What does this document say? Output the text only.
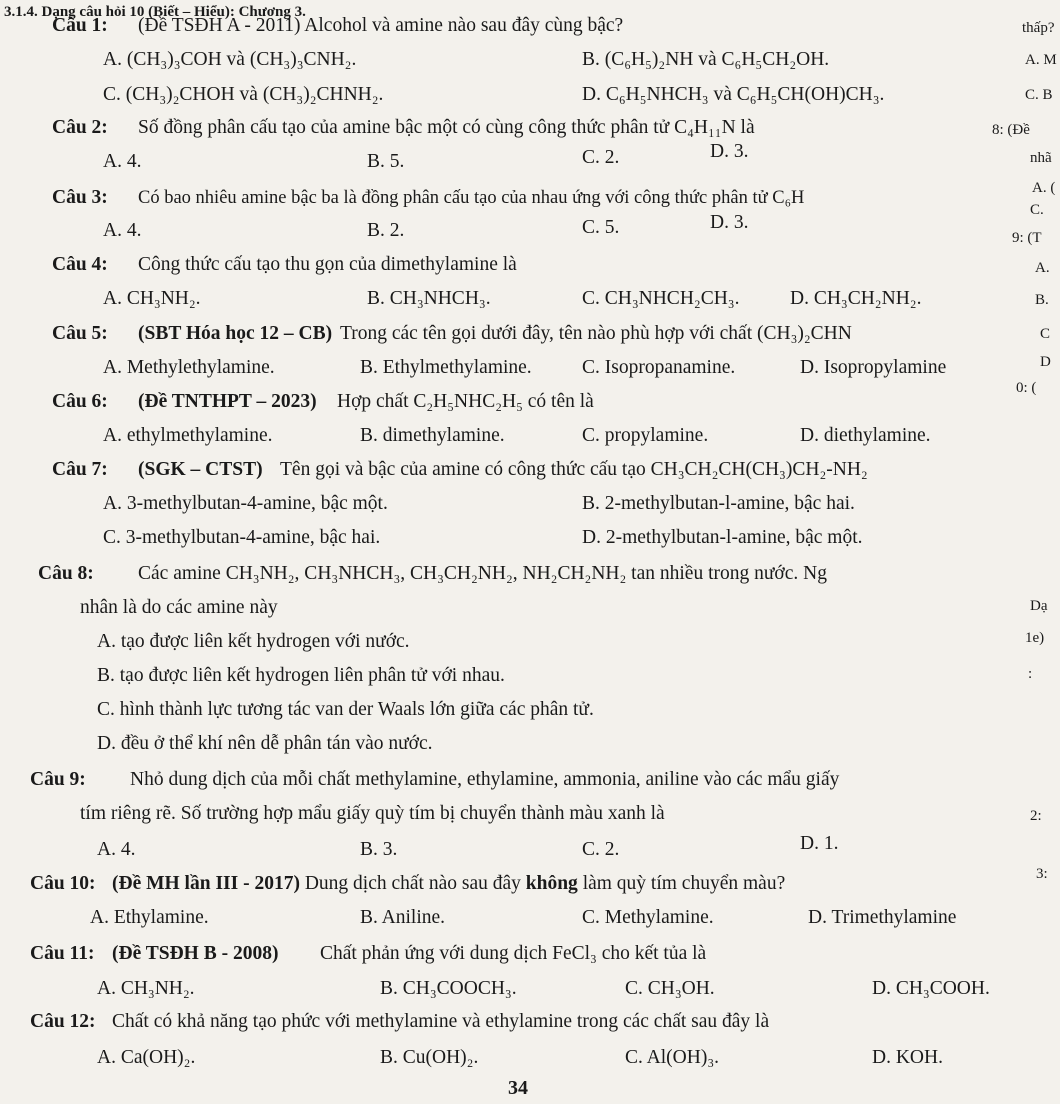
3.1.4. Dạng câu hỏi 10 (Biết – Hiểu): Chương 3.
Câu 1: (Đề TSĐH A - 2011) Alcohol và amine nào sau đây cùng bậc?
A. (CH₃)₃COH và (CH₃)₃CNH₂.	B. (C₆H₅)₂NH và C₆H₅CH₂OH.
C. (CH₃)₂CHOH và (CH₃)₂CHNH₂.	D. C₆H₅NHCH₃ và C₆H₅CH(OH)CH₃.
Câu 2: Số đồng phân cấu tạo của amine bậc một có cùng công thức phân tử C₄H₁₁N là
A. 4.	B. 5.	C. 2.	D. 3.
Câu 3: Có bao nhiêu amine bậc ba là đồng phân cấu tạo của nhau ứng với công thức phân tử C₆H
A. 4.	B. 2.	C. 5.	D. 3.
Câu 4: Công thức cấu tạo thu gọn của dimethylamine là
A. CH₃NH₂.	B. CH₃NHCH₃.	C. CH₃NHCH₂CH₃.	D. CH₃CH₂NH₂.
Câu 5: (SBT Hóa học 12 – CB) Trong các tên gọi dưới đây, tên nào phù hợp với chất (CH₃)₂CHN
A. Methylethylamine.	B. Ethylmethylamine.	C. Isopropanamine.	D. Isopropylamine
Câu 6: (Đề TNTHPT – 2023) Hợp chất C₂H₅NHC₂H₅ có tên là
A. ethylmethylamine.	B. dimethylamine.	C. propylamine.	D. diethylamine.
Câu 7: (SGK – CTST) Tên gọi và bậc của amine có công thức cấu tạo CH₃CH₂CH(CH₃)CH₂-NH₂
A. 3-methylbutan-4-amine, bậc một.	B. 2-methylbutan-l-amine, bậc hai.
C. 3-methylbutan-4-amine, bậc hai.	D. 2-methylbutan-l-amine, bậc một.
Câu 8: Các amine CH₃NH₂, CH₃NHCH₃, CH₃CH₂NH₂, NH₂CH₂NH₂ tan nhiều trong nước. Ng
nhân là do các amine này
A. tạo được liên kết hydrogen với nước.
B. tạo được liên kết hydrogen liên phân tử với nhau.
C. hình thành lực tương tác van der Waals lớn giữa các phân tử.
D. đều ở thể khí nên dễ phân tán vào nước.
Câu 9: Nhỏ dung dịch của mỗi chất methylamine, ethylamine, ammonia, aniline vào các mẩu giấy
tím riêng rẽ. Số trường hợp mẩu giấy quỳ tím bị chuyển thành màu xanh là
A. 4.	B. 3.	C. 2.	D. 1.
Câu 10: (Đề MH lần III - 2017) Dung dịch chất nào sau đây không làm quỳ tím chuyển màu?
A. Ethylamine.	B. Aniline.	C. Methylamine.	D. Trimethylamine
Câu 11: (Đề TSĐH B - 2008) Chất phản ứng với dung dịch FeCl₃ cho kết tủa là
A. CH₃NH₂.	B. CH₃COOCH₃.	C. CH₃OH.	D. CH₃COOH.
Câu 12: Chất có khả năng tạo phức với methylamine và ethylamine trong các chất sau đây là
A. Ca(OH)₂.	B. Cu(OH)₂.	C. Al(OH)₃.	D. KOH.
thấp?
A. M
C. B
8: (Đề
nhã
A. (
C.
9: (T
A.
B.
C
D
0: (
Dạ
1e)
:
2:
3:
34
